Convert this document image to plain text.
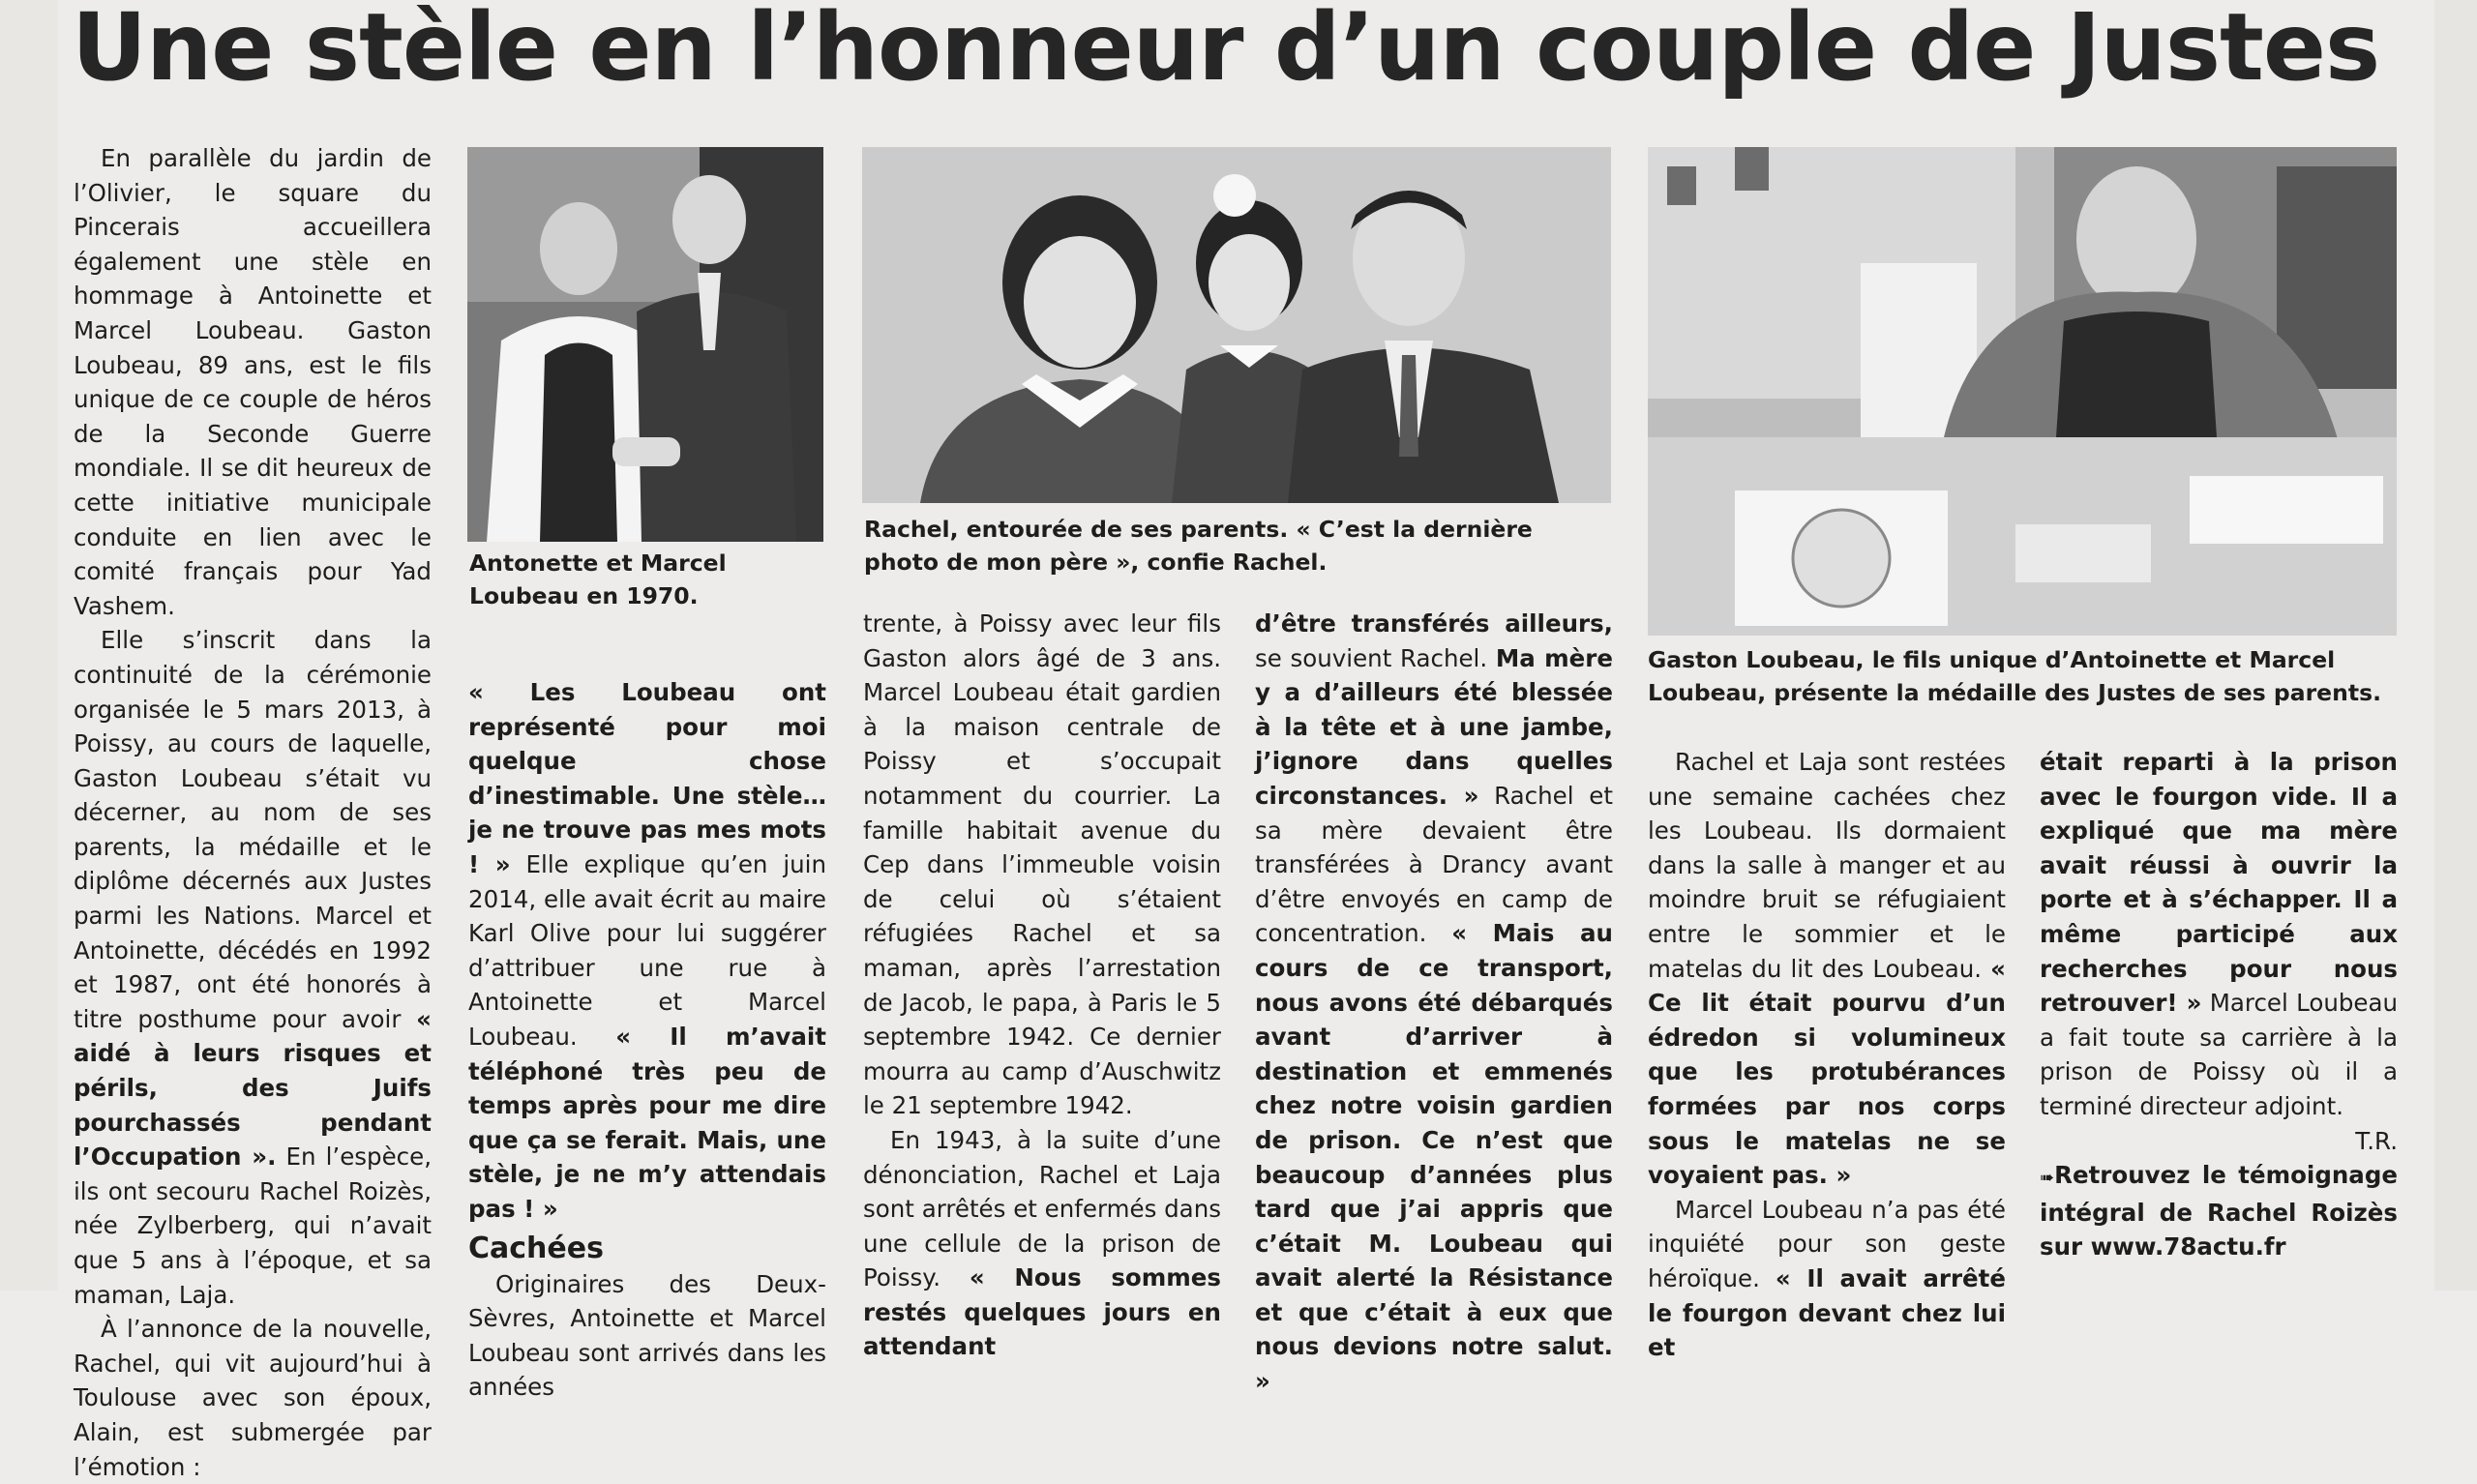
Une stèle en l’honneur d’un couple de Justes

En parallèle du jardin de l’Olivier, le square du Pincerais accueillera également une stèle en hommage à Antoinette et Marcel Loubeau. Gaston Loubeau, 89 ans, est le fils unique de ce couple de héros de la Seconde Guerre mondiale. Il se dit heureux de cette initiative municipale conduite en lien avec le comité français pour Yad Vashem.

Elle s’inscrit dans la continuité de la cérémonie organisée le 5 mars 2013, à Poissy, au cours de laquelle, Gaston Loubeau s’était vu décerner, au nom de ses parents, la médaille et le diplôme décernés aux Justes parmi les Nations. Marcel et Antoinette, décédés en 1992 et 1987, ont été honorés à titre posthume pour avoir « aidé à leurs risques et périls, des Juifs pourchassés pendant l’Occupation ». En l’espèce, ils ont secouru Rachel Roizès, née Zylberberg, qui n’avait que 5 ans à l’époque, et sa maman, Laja.

À l’annonce de la nouvelle, Rachel, qui vit aujourd’hui à Toulouse avec son époux, Alain, est submergée par l’émotion :

Antonette et Marcel Loubeau en 1970.

« Les Loubeau ont représenté pour moi quelque chose d’inestimable. Une stèle… je ne trouve pas mes mots ! » Elle explique qu’en juin 2014, elle avait écrit au maire Karl Olive pour lui suggérer d’attribuer une rue à Antoinette et Marcel Loubeau. « Il m’avait téléphoné très peu de temps après pour me dire que ça se ferait. Mais, une stèle, je ne m’y attendais pas ! »

Cachées

Originaires des Deux-Sèvres, Antoinette et Marcel Loubeau sont arrivés dans les années

Rachel, entourée de ses parents. « C’est la dernière photo de mon père », confie Rachel.

trente, à Poissy avec leur fils Gaston alors âgé de 3 ans. Marcel Loubeau était gardien à la maison centrale de Poissy et s’occupait notamment du courrier. La famille habitait avenue du Cep dans l’immeuble voisin de celui où s’étaient réfugiées Rachel et sa maman, après l’arrestation de Jacob, le papa, à Paris le 5 septembre 1942. Ce dernier mourra au camp d’Auschwitz le 21 septembre 1942.

En 1943, à la suite d’une dénonciation, Rachel et Laja sont arrêtés et enfermés dans une cellule de la prison de Poissy. « Nous sommes restés quelques jours en attendant

d’être transférés ailleurs, se souvient Rachel. Ma mère y a d’ailleurs été blessée à la tête et à une jambe, j’ignore dans quelles circonstances. » Rachel et sa mère devaient être transférées à Drancy avant d’être envoyés en camp de concentration. « Mais au cours de ce transport, nous avons été débarqués avant d’arriver à destination et emmenés chez notre voisin gardien de prison. Ce n’est que beaucoup d’années plus tard que j’ai appris que c’était M. Loubeau qui avait alerté la Résistance et que c’était à eux que nous devions notre salut. »

Gaston Loubeau, le fils unique d’Antoinette et Marcel Loubeau, présente la médaille des Justes de ses parents.

Rachel et Laja sont restées une semaine cachées chez les Loubeau. Ils dormaient dans la salle à manger et au moindre bruit se réfugiaient entre le sommier et le matelas du lit des Loubeau. « Ce lit était pourvu d’un édredon si volumineux que les protubérances formées par nos corps sous le matelas ne se voyaient pas. »

Marcel Loubeau n’a pas été inquiété pour son geste héroïque. « Il avait arrêté le fourgon devant chez lui et

était reparti à la prison avec le fourgon vide. Il a expliqué que ma mère avait réussi à ouvrir la porte et à s’échapper. Il a même participé aux recherches pour nous retrouver! » Marcel Loubeau a fait toute sa carrière à la prison de Poissy où il a terminé directeur adjoint.

T.R.

➠Retrouvez le témoignage intégral de Rachel Roizès sur www.78actu.fr
